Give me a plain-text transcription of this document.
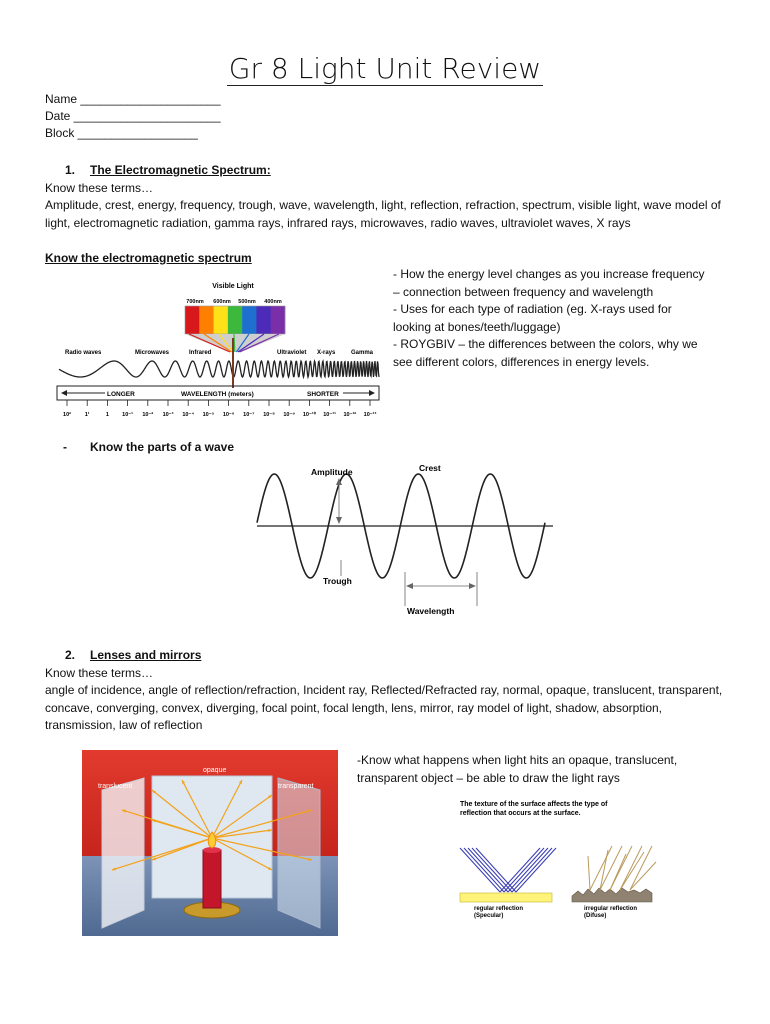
Gr 8 Light Unit Review
Name _____________________
Date ______________________
Block __________________
1. The Electromagnetic Spectrum:
Know these terms…
Amplitude, crest, energy, frequency, trough, wave, wavelength, light, reflection, refraction, spectrum, visible light, wave model of light, electromagnetic radiation, gamma rays, infrared rays, microwaves, radio waves, ultraviolet waves, X rays
Know the electromagnetic spectrum
- How the energy level changes as you increase frequency – connection between frequency and wavelength
- Uses for each type of radiation (eg. X-rays used for looking at bones/teeth/luggage)
- ROYGBIV – the differences between the colors, why we see different colors, differences in energy levels.
Visible Light
700nm 600nm 500nm 400nm
Radio waves	Microwaves	Infrared	Ultraviolet X-rays	Gamma
LONGER	WAVELENGTH (meters)	SHORTER
10²	1¹	1 10⁻¹ 10⁻² 10⁻³ 10⁻⁴ 10⁻⁵ 10⁻⁶ 10⁻⁷ 10⁻⁸ 10⁻⁹ 10⁻¹⁰ 10⁻¹¹ 10⁻¹² 10⁻¹³
- Know the parts of a wave
Amplitude	Crest
Trough
Wavelength
2. Lenses and mirrors
Know these terms…
angle of incidence, angle of reflection/refraction, Incident ray, Reflected/Refracted ray, normal, opaque, translucent, transparent, concave, converging, convex, diverging, focal point, focal length, lens, mirror, ray model of light, shadow, absorption, transmission, law of reflection
-Know what happens when light hits an opaque, translucent, transparent object – be able to draw the light rays
translucent
opaque
transparent
The texture of the surface affects the type of
reflection that occurs at the surface.
regular reflection
(Specular)
irregular reflection
(Difuse)
